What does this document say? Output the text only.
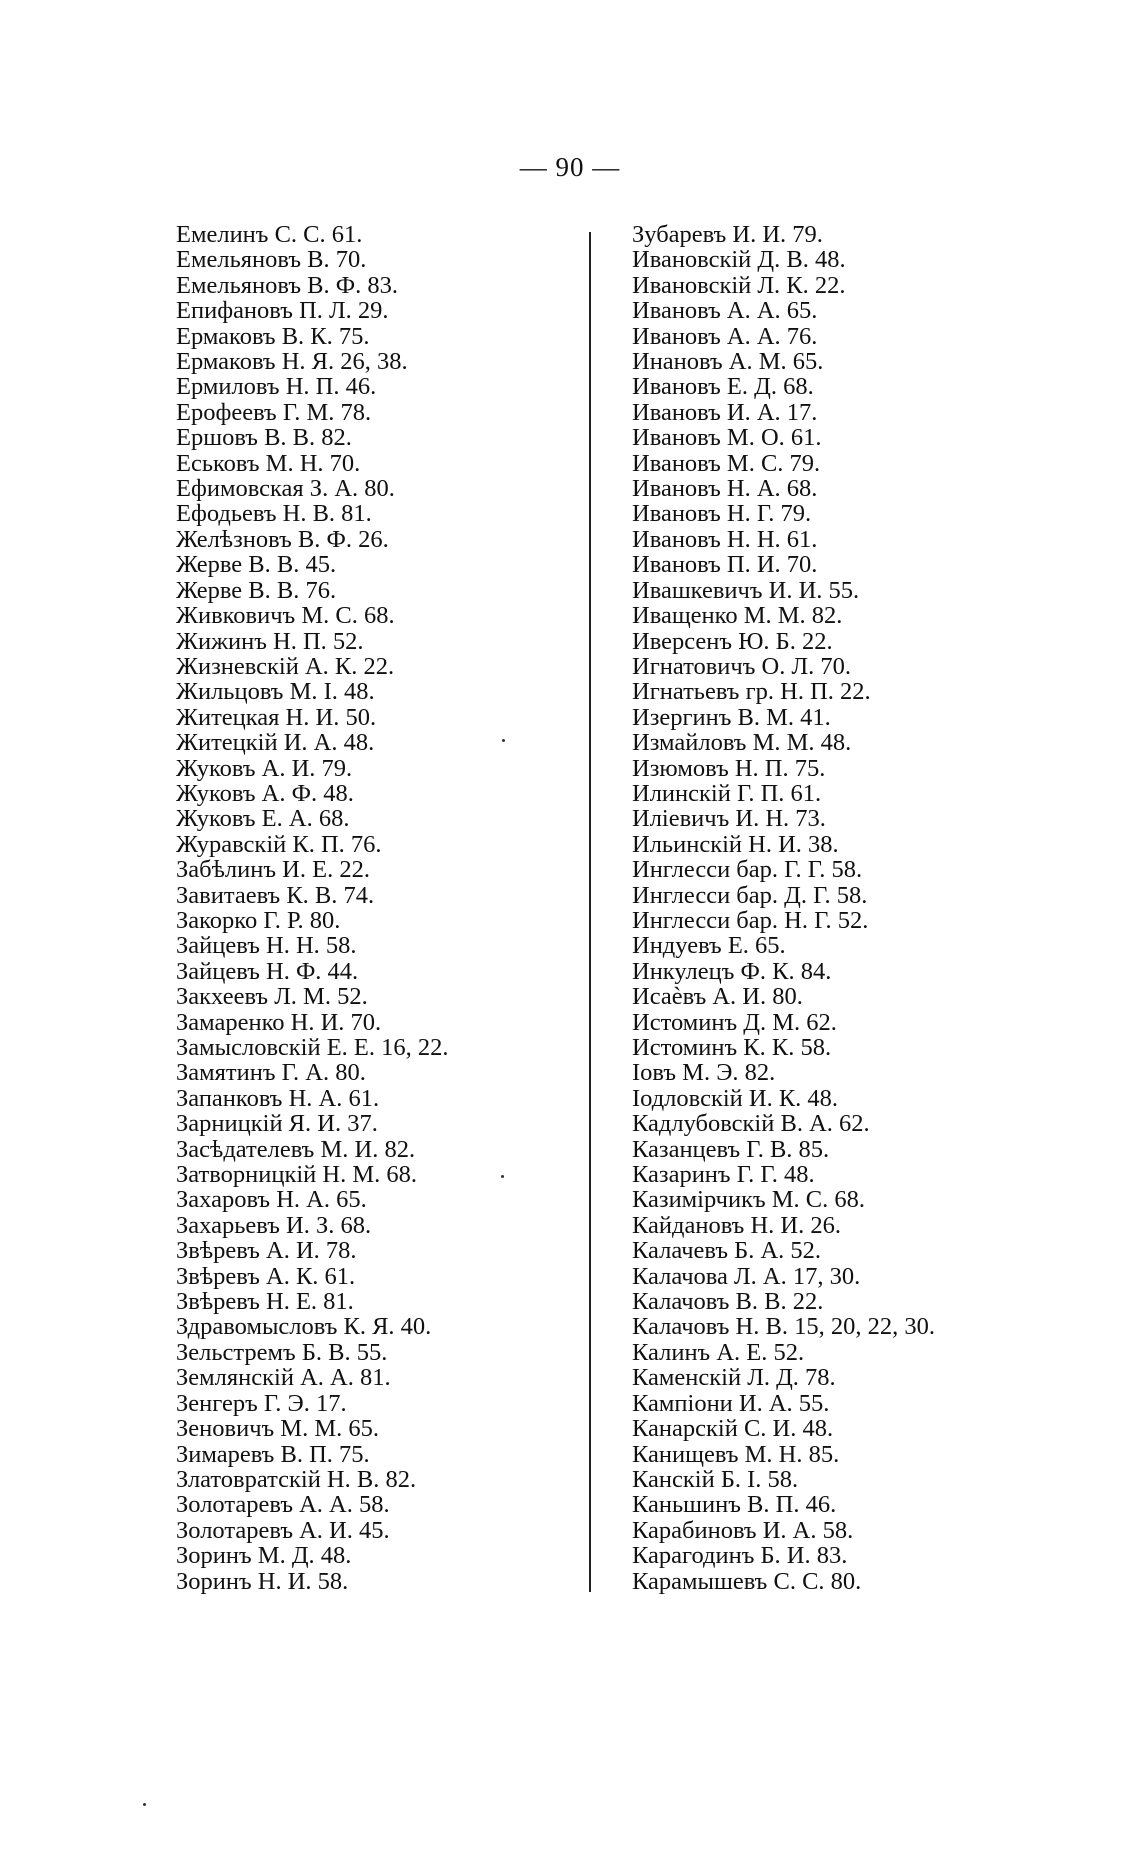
— 90 —
Емелинъ С. С. 61.
Емельяновъ В. 70.
Емельяновъ В. Ф. 83.
Епифановъ П. Л. 29.
Ермаковъ В. К. 75.
Ермаковъ Н. Я. 26, 38.
Ермиловъ Н. П. 46.
Ерофеевъ Г. М. 78.
Ершовъ В. В. 82.
Еськовъ М. Н. 70.
Ефимовская З. А. 80.
Ефодьевъ Н. В. 81.
Желѣзновъ В. Ф. 26.
Жерве В. В. 45.
Жерве В. В. 76.
Живковичъ М. С. 68.
Жижинъ Н. П. 52.
Жизневскій А. К. 22.
Жильцовъ М. І. 48.
Житецкая Н. И. 50.
Житецкій И. А. 48.
Жуковъ А. И. 79.
Жуковъ А. Ф. 48.
Жуковъ Е. А. 68.
Журавскій К. П. 76.
Забѣлинъ И. Е. 22.
Завитаевъ К. В. 74.
Закорко Г. Р. 80.
Зайцевъ Н. Н. 58.
Зайцевъ Н. Ф. 44.
Закхеевъ Л. М. 52.
Замаренко Н. И. 70.
Замысловскій Е. Е. 16, 22.
Замятинъ Г. А. 80.
Запанковъ Н. А. 61.
Зарницкій Я. И. 37.
Засѣдателевъ М. И. 82.
Затворницкій Н. М. 68.
Захаровъ Н. А. 65.
Захарьевъ И. З. 68.
Звѣревъ А. И. 78.
Звѣревъ А. К. 61.
Звѣревъ Н. Е. 81.
Здравомысловъ К. Я. 40.
Зельстремъ Б. В. 55.
Землянскій А. А. 81.
Зенгеръ Г. Э. 17.
Зеновичъ М. М. 65.
Зимаревъ В. П. 75.
Златовратскій Н. В. 82.
Золотаревъ А. А. 58.
Золотаревъ А. И. 45.
Зоринъ М. Д. 48.
Зоринъ Н. И. 58.
Зубаревъ И. И. 79.
Ивановскій Д. В. 48.
Ивановскій Л. К. 22.
Ивановъ А. А. 65.
Ивановъ А. А. 76.
Инановъ А. М. 65.
Ивановъ Е. Д. 68.
Ивановъ И. А. 17.
Ивановъ М. О. 61.
Ивановъ М. С. 79.
Ивановъ Н. А. 68.
Ивановъ Н. Г. 79.
Ивановъ Н. Н. 61.
Ивановъ П. И. 70.
Ивашкевичъ И. И. 55.
Иващенко М. М. 82.
Иверсенъ Ю. Б. 22.
Игнатовичъ О. Л. 70.
Игнатьевъ гр. Н. П. 22.
Изергинъ В. М. 41.
Измайловъ М. М. 48.
Изюмовъ Н. П. 75.
Илинскій Г. П. 61.
Иліевичъ И. Н. 73.
Ильинскій Н. И. 38.
Инглесси бар. Г. Г. 58.
Инглесси бар. Д. Г. 58.
Инглесси бар. Н. Г. 52.
Индуевъ Е. 65.
Инкулецъ Ф. К. 84.
Исаѐвъ А. И. 80.
Истоминъ Д. М. 62.
Истоминъ К. К. 58.
Іовъ М. Э. 82.
Іодловскій И. К. 48.
Кадлубовскій В. А. 62.
Казанцевъ Г. В. 85.
Казаринъ Г. Г. 48.
Казимірчикъ М. С. 68.
Кайдановъ Н. И. 26.
Калачевъ Б. А. 52.
Калачова Л. А. 17, 30.
Калачовъ В. В. 22.
Калачовъ Н. В. 15, 20, 22, 30.
Калинъ А. Е. 52.
Каменскій Л. Д. 78.
Кампіони И. А. 55.
Канарскій С. И. 48.
Канищевъ М. Н. 85.
Канскій Б. І. 58.
Каньшинъ В. П. 46.
Карабиновъ И. А. 58.
Карагодинъ Б. И. 83.
Карамышевъ С. С. 80.
